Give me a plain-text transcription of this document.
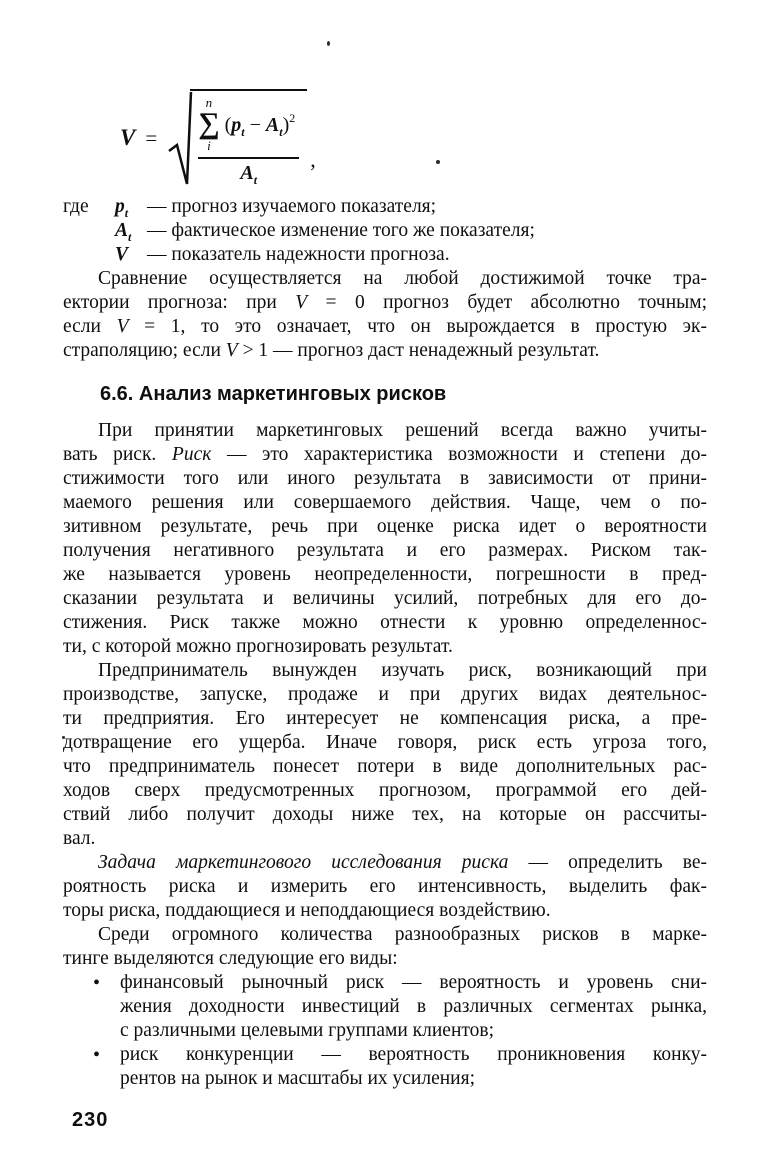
V =
n
∑
i
$(p_t - A_t)^2$
$A_t$
,
где	$p_t$ — прогноз изучаемого показателя;
$A_t$ — фактическое изменение того же показателя;
V — показатель надежности прогноза.
Сравнение осуществляется на любой достижимой точке тра-
ектории прогноза: при V = 0 прогноз будет абсолютно точным;
если V = 1, то это означает, что он вырождается в простую эк-
страполяцию; если V > 1 — прогноз даст ненадежный результат.
6.6. Анализ маркетинговых рисков
При принятии маркетинговых решений всегда важно учиты-
вать риск. Риск — это характеристика возможности и степени до-
стижимости того или иного результата в зависимости от прини-
маемого решения или совершаемого действия. Чаще, чем о по-
зитивном результате, речь при оценке риска идет о вероятности
получения негативного результата и его размерах. Риском так-
же называется уровень неопределенности, погрешности в пред-
сказании результата и величины усилий, потребных для его до-
стижения. Риск также можно отнести к уровню определеннос-
ти, с которой можно прогнозировать результат.
Предприниматель вынужден изучать риск, возникающий при
производстве, запуске, продаже и при других видах деятельнос-
ти предприятия. Его интересует не компенсация риска, а пре-
дотвращение его ущерба. Иначе говоря, риск есть угроза того,
что предприниматель понесет потери в виде дополнительных рас-
ходов сверх предусмотренных прогнозом, программой его дей-
ствий либо получит доходы ниже тех, на которые он рассчиты-
вал.
Задача маркетингового исследования риска — определить ве-
роятность риска и измерить его интенсивность, выделить фак-
торы риска, поддающиеся и неподдающиеся воздействию.
Среди огромного количества разнообразных рисков в марке-
тинге выделяются следующие его виды:
•	финансовый рыночный риск — вероятность и уровень сни-
жения доходности инвестиций в различных сегментах рынка,
с различными целевыми группами клиентов;
•	риск конкуренции — вероятность проникновения конку-
рентов на рынок и масштабы их усиления;
230
